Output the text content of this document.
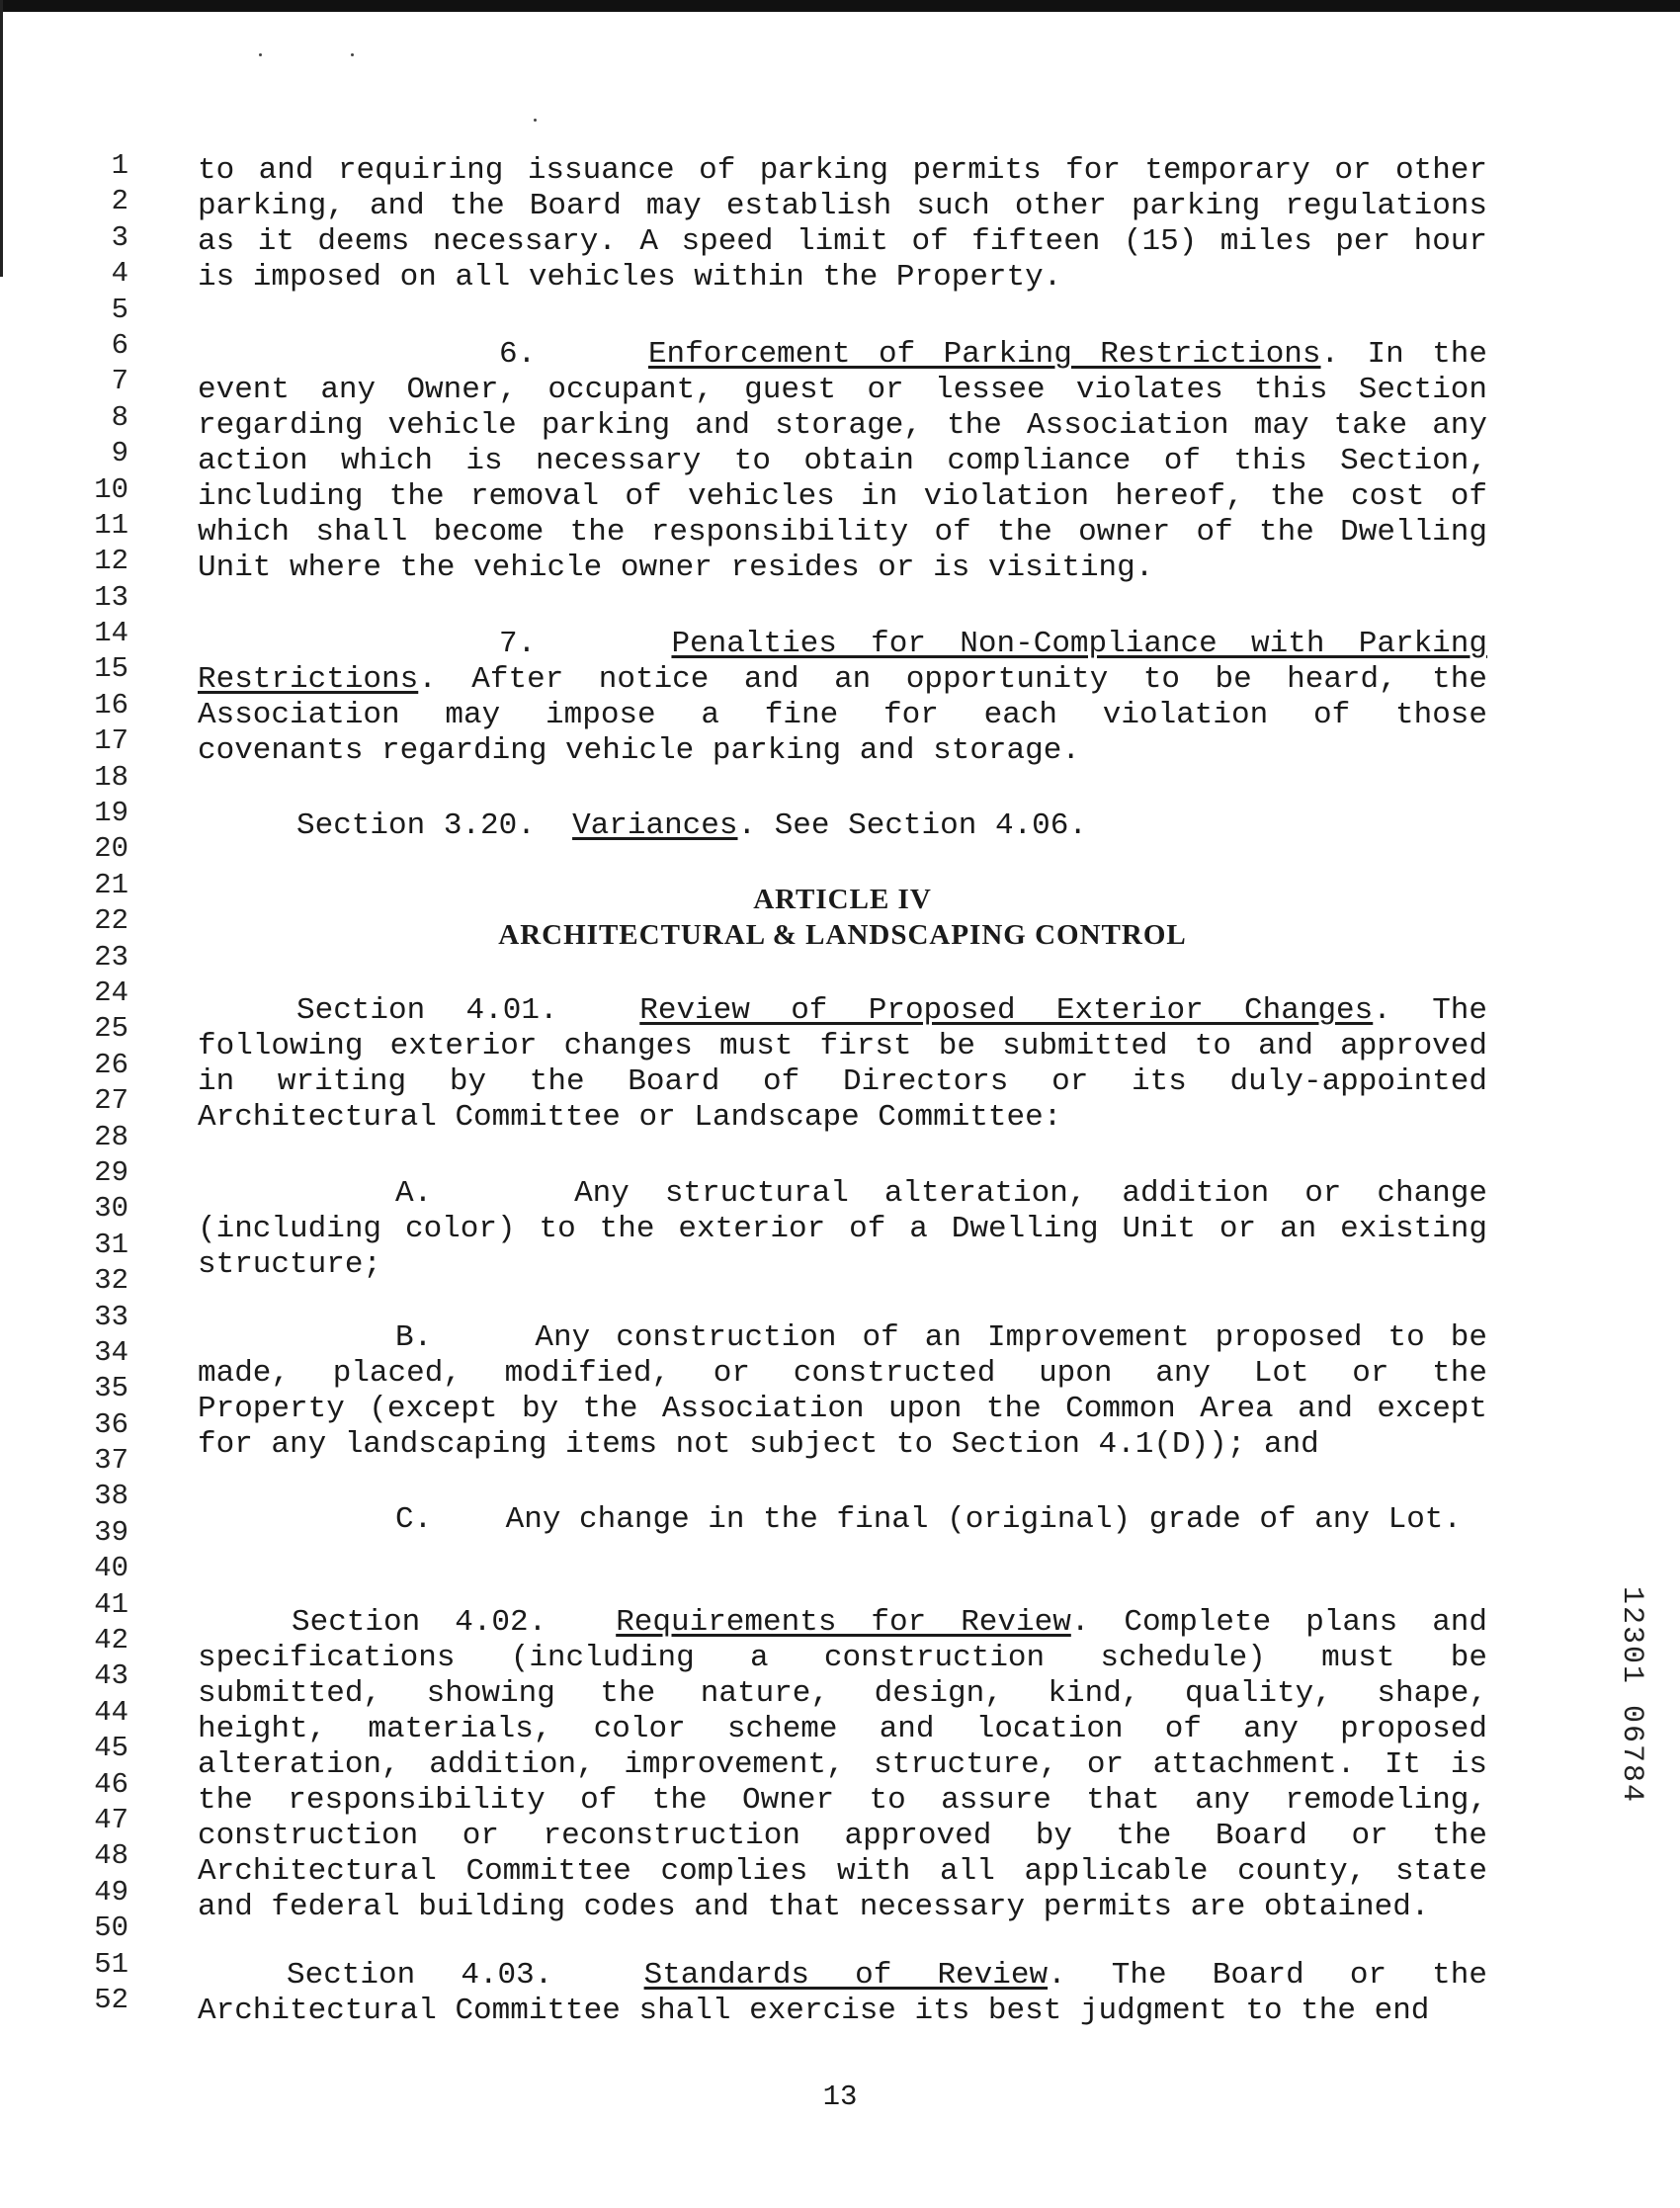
1
2
3
4
5
6
7
8
9
10
11
12
13
14
15
16
17
18
19
20
21
22
23
24
25
26
27
28
29
30
31
32
33
34
35
36
37
38
39
40
41
42
43
44
45
46
47
48
49
50
51
52
to and requiring issuance of parking permits for temporary or other
parking, and the Board may establish such other parking regulations
as it deems necessary. A speed limit of fifteen (15) miles per hour
is imposed on all vehicles within the Property.
6.	Enforcement of Parking Restrictions. In the
event any Owner, occupant, guest or lessee violates this Section
regarding vehicle parking and storage, the Association may take any
action which is necessary to obtain compliance of this Section,
including the removal of vehicles in violation hereof, the cost of
which shall become the responsibility of the owner of the Dwelling
Unit where the vehicle owner resides or is visiting.
7.	Penalties for Non-Compliance with Parking
Restrictions. After notice and an opportunity to be heard, the
Association may impose a fine for each violation of those
covenants regarding vehicle parking and storage.
Section 3.20. Variances. See Section 4.06.
ARTICLE IV
ARCHITECTURAL & LANDSCAPING CONTROL
Section 4.01.	Review of Proposed Exterior Changes. The
following exterior changes must first be submitted to and approved
in writing by the Board of Directors or its duly-appointed
Architectural Committee or Landscape Committee:
A.	Any structural alteration, addition or change
(including color) to the exterior of a Dwelling Unit or an existing
structure;
B.	Any construction of an Improvement proposed to be
made, placed, modified, or constructed upon any Lot or the
Property (except by the Association upon the Common Area and except
for any landscaping items not subject to Section 4.1(D)); and
C. Any change in the final (original) grade of any Lot.
Section 4.02. Requirements for Review. Complete plans and
specifications (including a construction schedule) must be
submitted, showing the nature, design, kind, quality, shape,
height, materials, color scheme and location of any proposed
alteration, addition, improvement, structure, or attachment. It is
the responsibility of the Owner to assure that any remodeling,
construction or reconstruction approved by the Board or the
Architectural Committee complies with all applicable county, state
and federal building codes and that necessary permits are obtained.
Section 4.03.	Standards of Review. The Board or the
Architectural Committee shall exercise its best judgment to the end
13
12301 06784
